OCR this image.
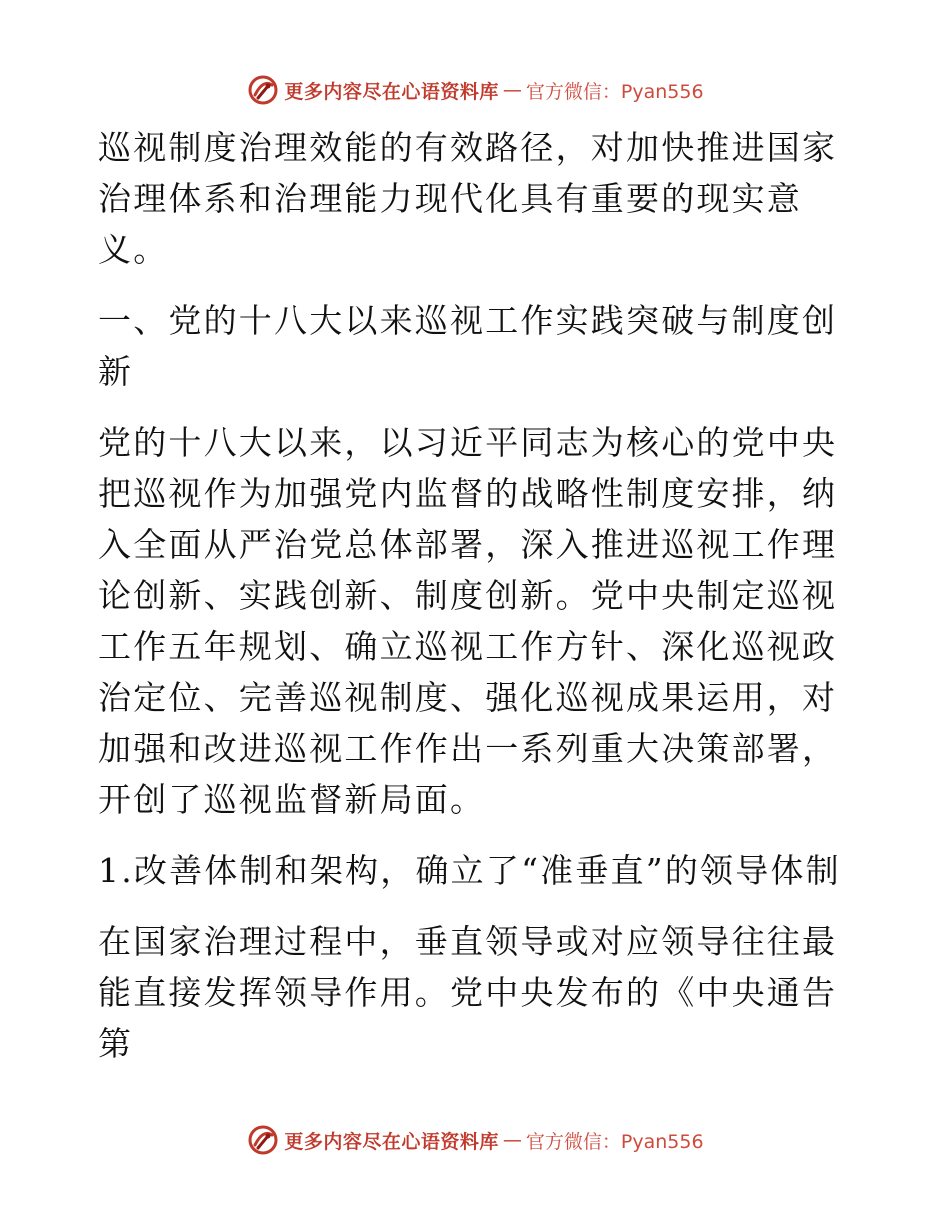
更多内容尽在心语资料库 — 官方微信：Pyan556

巡视制度治理效能的有效路径，对加快推进国家治理体系和治理能力现代化具有重要的现实意义。

一、党的十八大以来巡视工作实践突破与制度创新

党的十八大以来，以习近平同志为核心的党中央把巡视作为加强党内监督的战略性制度安排，纳入全面从严治党总体部署，深入推进巡视工作理论创新、实践创新、制度创新。党中央制定巡视工作五年规划、确立巡视工作方针、深化巡视政治定位、完善巡视制度、强化巡视成果运用，对加强和改进巡视工作作出一系列重大决策部署，开创了巡视监督新局面。

1.改善体制和架构，确立了“准垂直”的领导体制

在国家治理过程中，垂直领导或对应领导往往最能直接发挥领导作用。党中央发布的《中央通告第

更多内容尽在心语资料库 — 官方微信：Pyan556
